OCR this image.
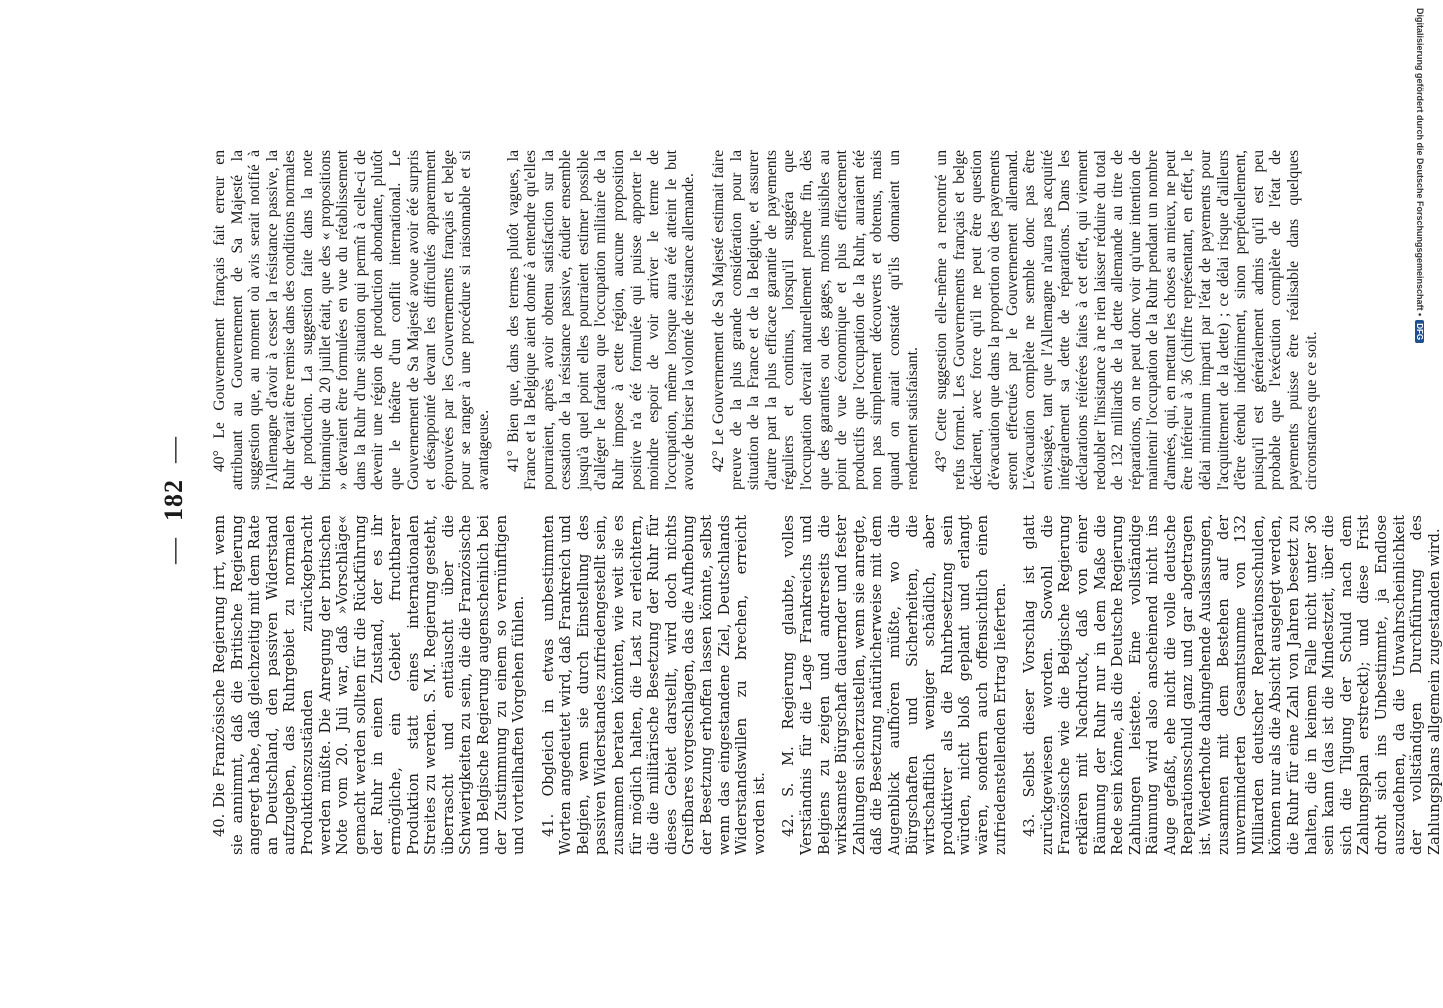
—182—

40. Die Französische Regierung irrt, wenn sie annimmt, daß die Britische Regierung angeregt habe, daß gleichzeitig mit dem Rate an Deutschland, den passiven Widerstand aufzugeben, das Ruhrgebiet zu normalen Produktionszuständen zurückgebracht werden müßte. Die Anregung der britischen Note vom 20. Juli war, daß »Vorschläge« gemacht werden sollten für die Rückführung der Ruhr in einen Zustand, der es ihr ermögliche, ein Gebiet fruchtbarer Produktion statt eines internationalen Streites zu werden. S. M. Regierung gesteht, überrascht und enttäuscht über die Schwierigkeiten zu sein, die die Französische und Belgische Regierung augenscheinlich bei der Zustimmung zu einem so vernünftigen und vorteilhaften Vorgehen fühlen. 41. Obgleich in etwas unbestimmten Worten angedeutet wird, daß Frankreich und Belgien, wenn sie durch Einstellung des passiven Widerstandes zufriedengestellt sein, zusammen beraten könnten, wie weit sie es für möglich halten, die Last zu erleichtern, die die militärische Besetzung der Ruhr für dieses Gebiet darstellt, wird doch nichts Greifbares vorgeschlagen, das die Aufhebung der Besetzung erhoffen lassen könnte, selbst wenn das eingestandene Ziel, Deutschlands Widerstandswillen zu brechen, erreicht worden ist. 42. S. M. Regierung glaubte, volles Verständnis für die Lage Frankreichs und Belgiens zu zeigen und andrerseits die wirksamste Bürgschaft dauernder und fester Zahlungen sicherzustellen, wenn sie anregte, daß die Besetzung natürlicherweise mit dem Augenblick aufhören müßte, wo die Bürgschaften und Sicherheiten, die wirtschaftlich weniger schädlich, aber produktiver als die Ruhrbesetzung sein würden, nicht bloß geplant und erlangt wären, sondern auch offensichtlich einen zufriedenstellenden Ertrag lieferten. 43. Selbst dieser Vorschlag ist glatt zurückgewiesen worden. Sowohl die Französische wie die Belgische Regierung erklären mit Nachdruck, daß von einer Räumung der Ruhr nur in dem Maße die Rede sein könne, als die Deutsche Regierung Zahlungen leistete. Eine vollständige Räumung wird also anscheinend nicht ins Auge gefaßt, ehe nicht die volle deutsche Reparationsschuld ganz und gar abgetragen ist. Wiederholte dahingehende Auslassungen, zusammen mit dem Bestehen auf der unverminderten Gesamtsumme von 132 Milliarden deutscher Reparationsschulden, können nur als die Absicht ausgelegt werden, die Ruhr für eine Zahl von Jahren besetzt zu halten, die in keinem Falle nicht unter 36 sein kann (das ist die Mindestzeit, über die sich die Tilgung der Schuld nach dem Zahlungsplan erstreckt); und diese Frist droht sich ins Unbestimmte, ja Endlose auszudehnen, da die Unwahrscheinlichkeit der vollständigen Durchführung des Zahlungsplans allgemein zugestanden wird.

40° Le Gouvernement français fait erreur en attribuant au Gouvernement de Sa Majesté la suggestion que, au moment où avis serait notifié à l'Allemagne d'avoir à cesser la résistance passive, la Ruhr devrait être remise dans des conditions normales de production. La suggestion faite dans la note britannique du 20 juillet était, que des « propositions » devraient être formulées en vue du rétablissement dans la Ruhr d'une situation qui permît à celle-ci de devenir une région de production abondante, plutôt que le théâtre d'un conflit international. Le Gouvernement de Sa Majesté avoue avoir été surpris et désappointé devant les difficultés apparemment éprouvées par les Gouvernements français et belge pour se ranger à une procédure si raisonnable et si avantageuse. 41° Bien que, dans des termes plutôt vagues, la France et la Belgique aient donné à entendre qu'elles pourraient, après avoir obtenu satisfaction sur la cessation de la résistance passive, étudier ensemble jusqu'à quel point elles pourraient estimer possible d'alléger le fardeau que l'occupation militaire de la Ruhr impose à cette région, aucune proposition positive n'a été formulée qui puisse apporter le moindre espoir de voir arriver le terme de l'occupation, même lorsque aura été atteint le but avoué de briser la volonté de résistance allemande. 42° Le Gouvernement de Sa Majesté estimait faire preuve de la plus grande considération pour la situation de la France et de la Belgique, et assurer d'autre part la plus efficace garantie de payements réguliers et continus, lorsqu'il suggéra que l'occupation devrait naturellement prendre fin, dès que des garanties ou des gages, moins nuisibles au point de vue économique et plus efficacement productifs que l'occupation de la Ruhr, auraient été non pas simplement découverts et obtenus, mais quand on aurait constaté qu'ils donnaient un rendement satisfaisant. 43° Cette suggestion elle-même a rencontré un refus formel. Les Gouvernements français et belge déclarent, avec force qu'il ne peut être question d'évacuation que dans la proportion où des payements seront effectués par le Gouvernement allemand. L'évacuation complète ne semble donc pas être envisagée, tant que l'Allemagne n'aura pas acquitté intégralement sa dette de réparations. Dans les déclarations réitérées faites à cet effet, qui viennent redoubler l'insistance à ne rien laisser réduire du total de 132 milliards de la dette allemande au titre de réparations, on ne peut donc voir qu'une intention de maintenir l'occupation de la Ruhr pendant un nombre d'années, qui, en mettant les choses au mieux, ne peut être inférieur à 36 (chiffre représentant, en effet, le délai minimum imparti par l'état de payements pour l'acquittement de la dette) ; ce délai risque d'ailleurs d'être étendu indéfiniment, sinon perpétuellement, puisqu'il est généralement admis qu'il est peu probable que l'exécution complète de l'état de payements puisse être réalisable dans quelques circonstances que ce soit.

Digitalisierung gefördert durch die Deutsche Forschungsgemeinschaft •
DFG
